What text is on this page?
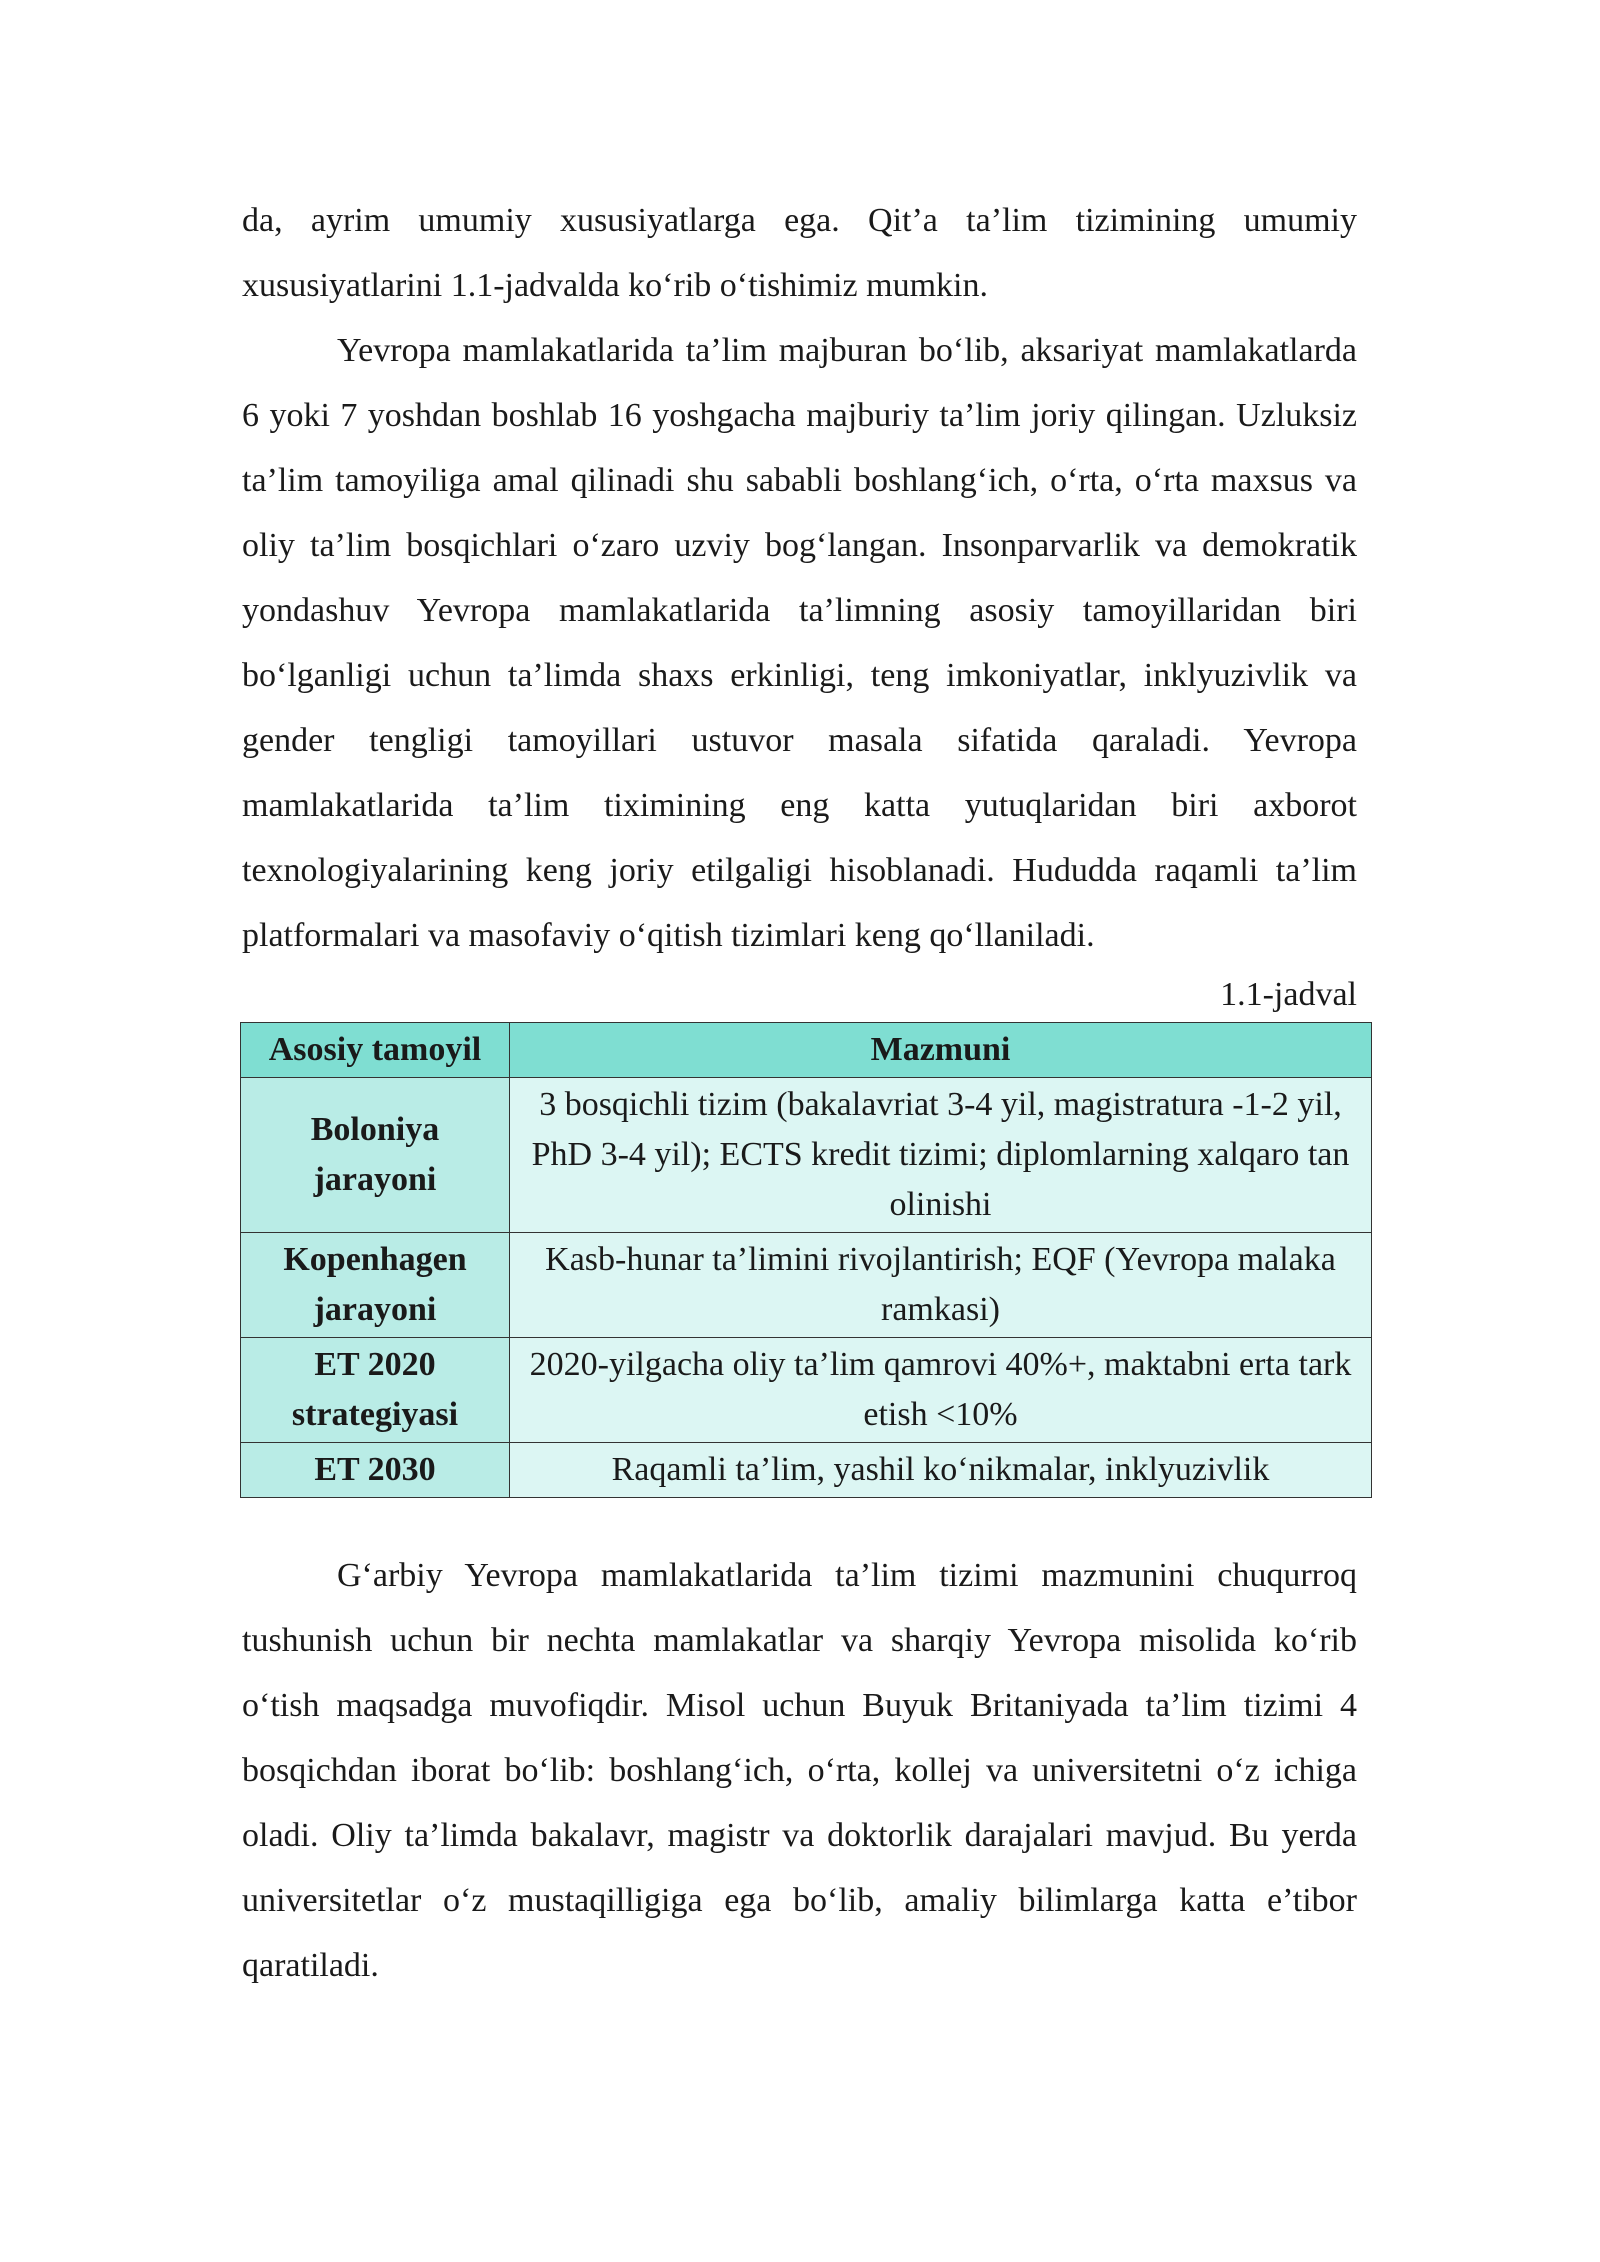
da, ayrim umumiy xususiyatlarga ega. Qit’a ta’lim tizimining umumiy xususiyatlarini 1.1-jadvalda ko‘rib o‘tishimiz mumkin.

Yevropa mamlakatlarida ta’lim majburan bo‘lib, aksariyat mamlakatlarda 6 yoki 7 yoshdan boshlab 16 yoshgacha majburiy ta’lim joriy qilingan. Uzluksiz ta’lim tamoyiliga amal qilinadi shu sababli boshlang‘ich, o‘rta, o‘rta maxsus va oliy ta’lim bosqichlari o‘zaro uzviy bog‘langan. Insonparvarlik va demokratik yondashuv Yevropa mamlakatlarida ta’limning asosiy tamoyillaridan biri bo‘lganligi uchun ta’limda shaxs erkinligi, teng imkoniyatlar, inklyuzivlik va gender tengligi tamoyillari ustuvor masala sifatida qaraladi. Yevropa mamlakatlarida ta’lim tiximining eng katta yutuqlaridan biri axborot texnologiyalarining keng joriy etilgaligi hisoblanadi. Hududda raqamli ta’lim platformalari va masofaviy o‘qitish tizimlari keng qo‘llaniladi.

1.1-jadval

Asosiy tamoyil	Mazmuni
Boloniya jarayoni	3 bosqichli tizim (bakalavriat 3-4 yil, magistratura -1-2 yil, PhD 3-4 yil); ECTS kredit tizimi; diplomlarning xalqaro tan olinishi
Kopenhagen jarayoni	Kasb-hunar ta’limini rivojlantirish; EQF (Yevropa malaka ramkasi)
ET 2020 strategiyasi	2020-yilgacha oliy ta’lim qamrovi 40%+, maktabni erta tark etish <10%
ET 2030	Raqamli ta’lim, yashil ko‘nikmalar, inklyuzivlik

G‘arbiy Yevropa mamlakatlarida ta’lim tizimi mazmunini chuqurroq tushunish uchun bir nechta mamlakatlar va sharqiy Yevropa misolida ko‘rib o‘tish maqsadga muvofiqdir. Misol uchun Buyuk Britaniyada ta’lim tizimi 4 bosqichdan iborat bo‘lib: boshlang‘ich, o‘rta, kollej va universitetni o‘z ichiga oladi. Oliy ta’limda bakalavr, magistr va doktorlik darajalari mavjud. Bu yerda universitetlar o‘z mustaqilligiga ega bo‘lib, amaliy bilimlarga katta e’tibor qaratiladi.
